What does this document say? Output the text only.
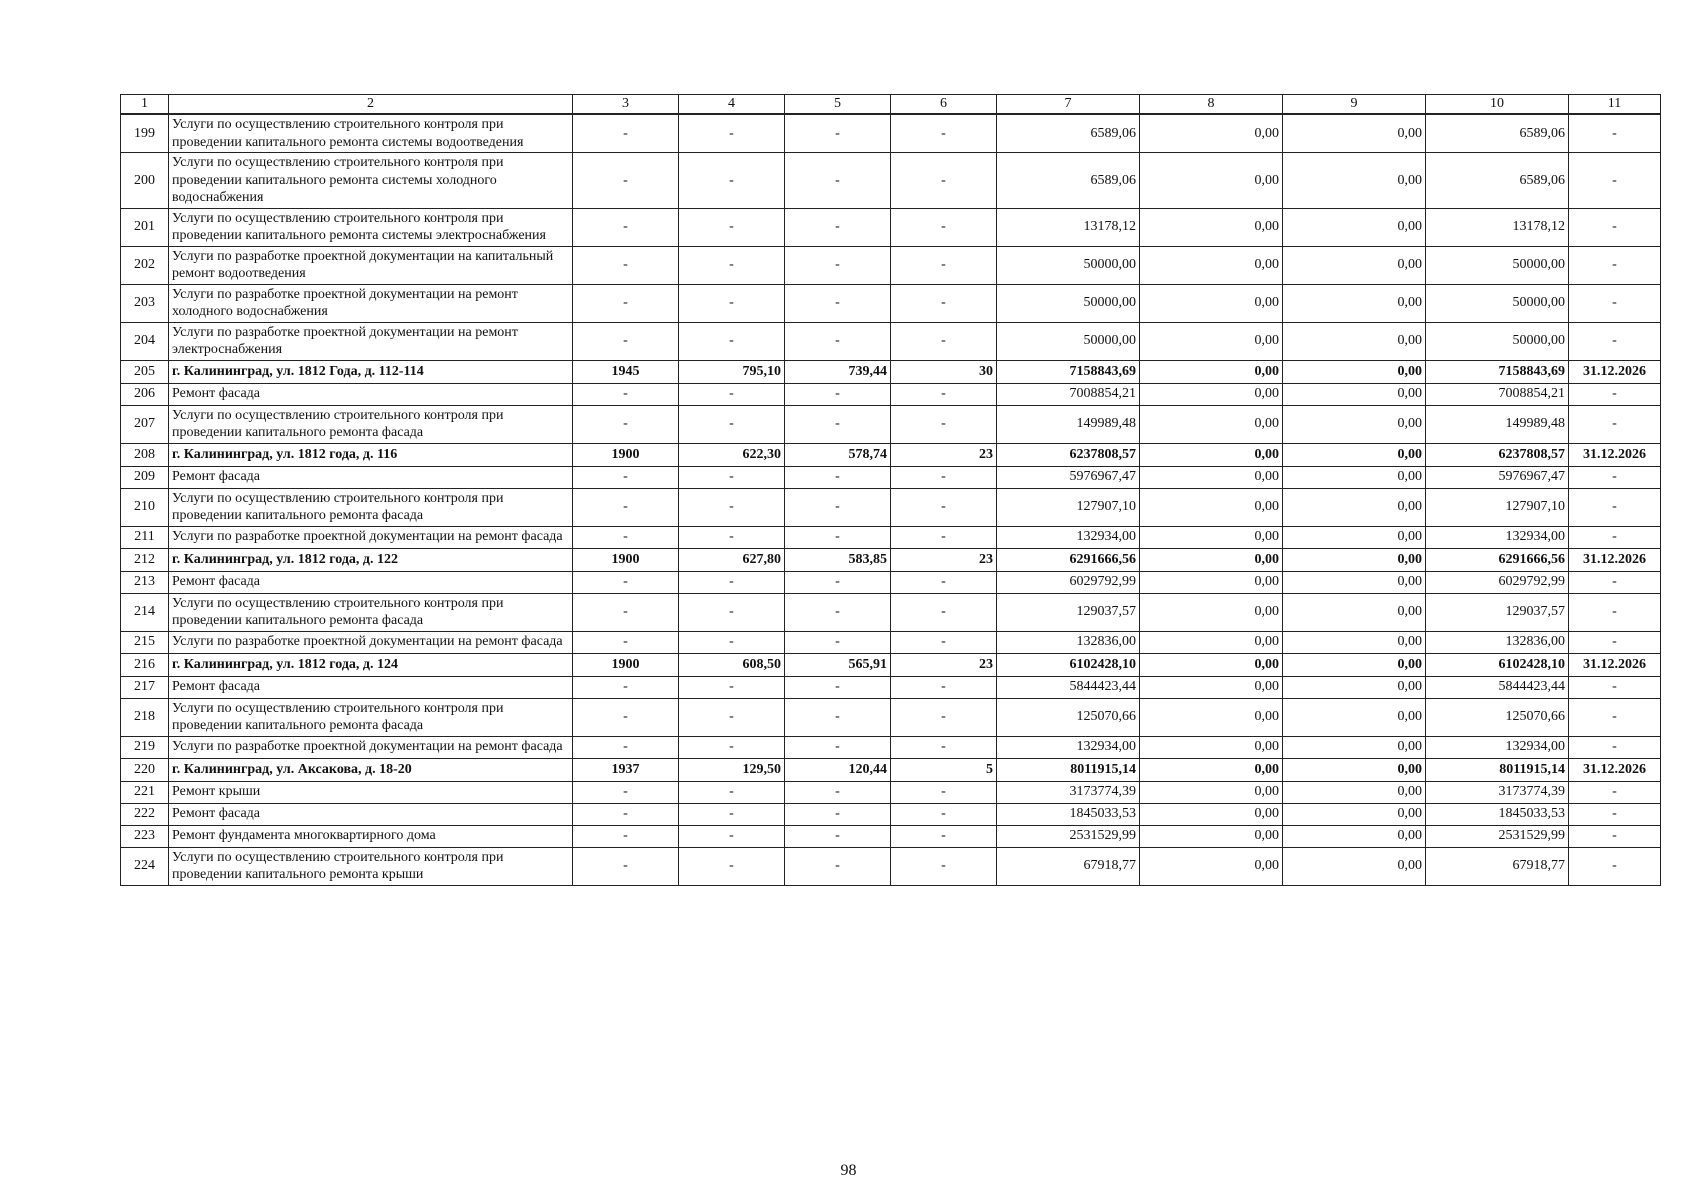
1	2	3	4	5	6	7	8	9	10	11
199	Услуги по осуществлению строительного контроля при проведении капитального ремонта системы водоотведения	-	-	-	-	6589,06	0,00	0,00	6589,06	-
200	Услуги по осуществлению строительного контроля при проведении капитального ремонта системы холодного водоснабжения	-	-	-	-	6589,06	0,00	0,00	6589,06	-
201	Услуги по осуществлению строительного контроля при проведении капитального ремонта системы электроснабжения	-	-	-	-	13178,12	0,00	0,00	13178,12	-
202	Услуги по разработке проектной документации на капитальный ремонт водоотведения	-	-	-	-	50000,00	0,00	0,00	50000,00	-
203	Услуги по разработке проектной документации на ремонт холодного водоснабжения	-	-	-	-	50000,00	0,00	0,00	50000,00	-
204	Услуги по разработке проектной документации на ремонт электроснабжения	-	-	-	-	50000,00	0,00	0,00	50000,00	-
205	г. Калининград, ул. 1812 Года, д. 112-114	1945	795,10	739,44	30	7158843,69	0,00	0,00	7158843,69	31.12.2026
206	Ремонт фасада	-	-	-	-	7008854,21	0,00	0,00	7008854,21	-
207	Услуги по осуществлению строительного контроля при проведении капитального ремонта фасада	-	-	-	-	149989,48	0,00	0,00	149989,48	-
208	г. Калининград, ул. 1812 года, д. 116	1900	622,30	578,74	23	6237808,57	0,00	0,00	6237808,57	31.12.2026
209	Ремонт фасада	-	-	-	-	5976967,47	0,00	0,00	5976967,47	-
210	Услуги по осуществлению строительного контроля при проведении капитального ремонта фасада	-	-	-	-	127907,10	0,00	0,00	127907,10	-
211	Услуги по разработке проектной документации на ремонт фасада	-	-	-	-	132934,00	0,00	0,00	132934,00	-
212	г. Калининград, ул. 1812 года, д. 122	1900	627,80	583,85	23	6291666,56	0,00	0,00	6291666,56	31.12.2026
213	Ремонт фасада	-	-	-	-	6029792,99	0,00	0,00	6029792,99	-
214	Услуги по осуществлению строительного контроля при проведении капитального ремонта фасада	-	-	-	-	129037,57	0,00	0,00	129037,57	-
215	Услуги по разработке проектной документации на ремонт фасада	-	-	-	-	132836,00	0,00	0,00	132836,00	-
216	г. Калининград, ул. 1812 года, д. 124	1900	608,50	565,91	23	6102428,10	0,00	0,00	6102428,10	31.12.2026
217	Ремонт фасада	-	-	-	-	5844423,44	0,00	0,00	5844423,44	-
218	Услуги по осуществлению строительного контроля при проведении капитального ремонта фасада	-	-	-	-	125070,66	0,00	0,00	125070,66	-
219	Услуги по разработке проектной документации на ремонт фасада	-	-	-	-	132934,00	0,00	0,00	132934,00	-
220	г. Калининград, ул. Аксакова, д. 18-20	1937	129,50	120,44	5	8011915,14	0,00	0,00	8011915,14	31.12.2026
221	Ремонт крыши	-	-	-	-	3173774,39	0,00	0,00	3173774,39	-
222	Ремонт фасада	-	-	-	-	1845033,53	0,00	0,00	1845033,53	-
223	Ремонт фундамента многоквартирного дома	-	-	-	-	2531529,99	0,00	0,00	2531529,99	-
224	Услуги по осуществлению строительного контроля при проведении капитального ремонта крыши	-	-	-	-	67918,77	0,00	0,00	67918,77	-
98
